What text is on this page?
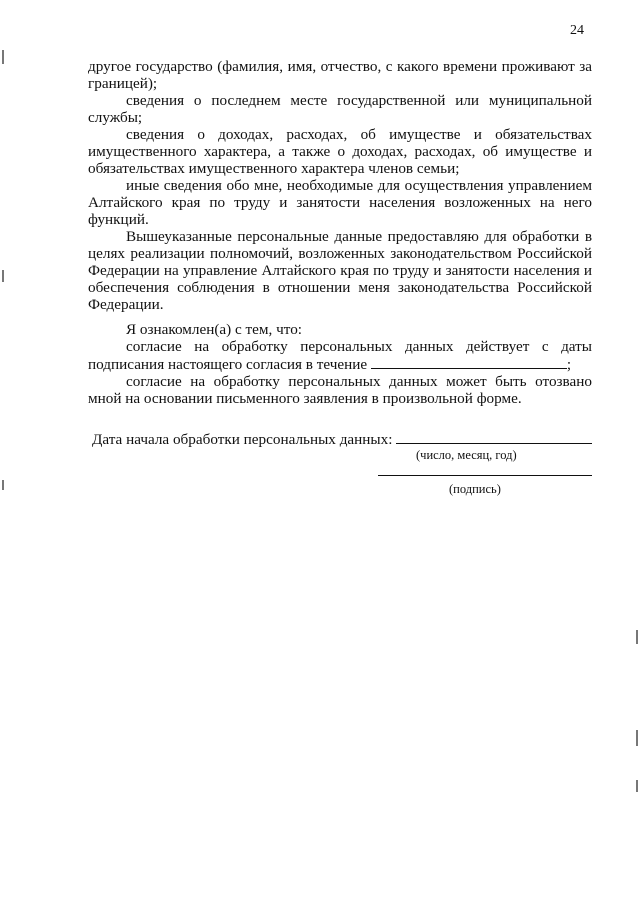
24

другое государство (фамилия, имя, отчество, с какого времени проживают за границей);

сведения о последнем месте государственной или муниципальной службы;

сведения о доходах, расходах, об имуществе и обязательствах имущественного характера, а также о доходах, расходах, об имуществе и обязательствах имущественного характера членов семьи;

иные сведения обо мне, необходимые для осуществления управлением Алтайского края по труду и занятости населения возложенных на него функций.

Вышеуказанные персональные данные предоставляю для обработки в целях реализации полномочий, возложенных законодательством Российской Федерации на управление Алтайского края по труду и занятости населения и обеспечения соблюдения в отношении меня законодательства Российской Федерации.

Я ознакомлен(а) с тем, что:

согласие на обработку персональных данных действует с даты подписания настоящего согласия в течение	;

согласие на обработку персональных данных может быть отозвано мной на основании письменного заявления в произвольной форме.

Дата начала обработки персональных данных:
(число, месяц, год)
(подпись)
